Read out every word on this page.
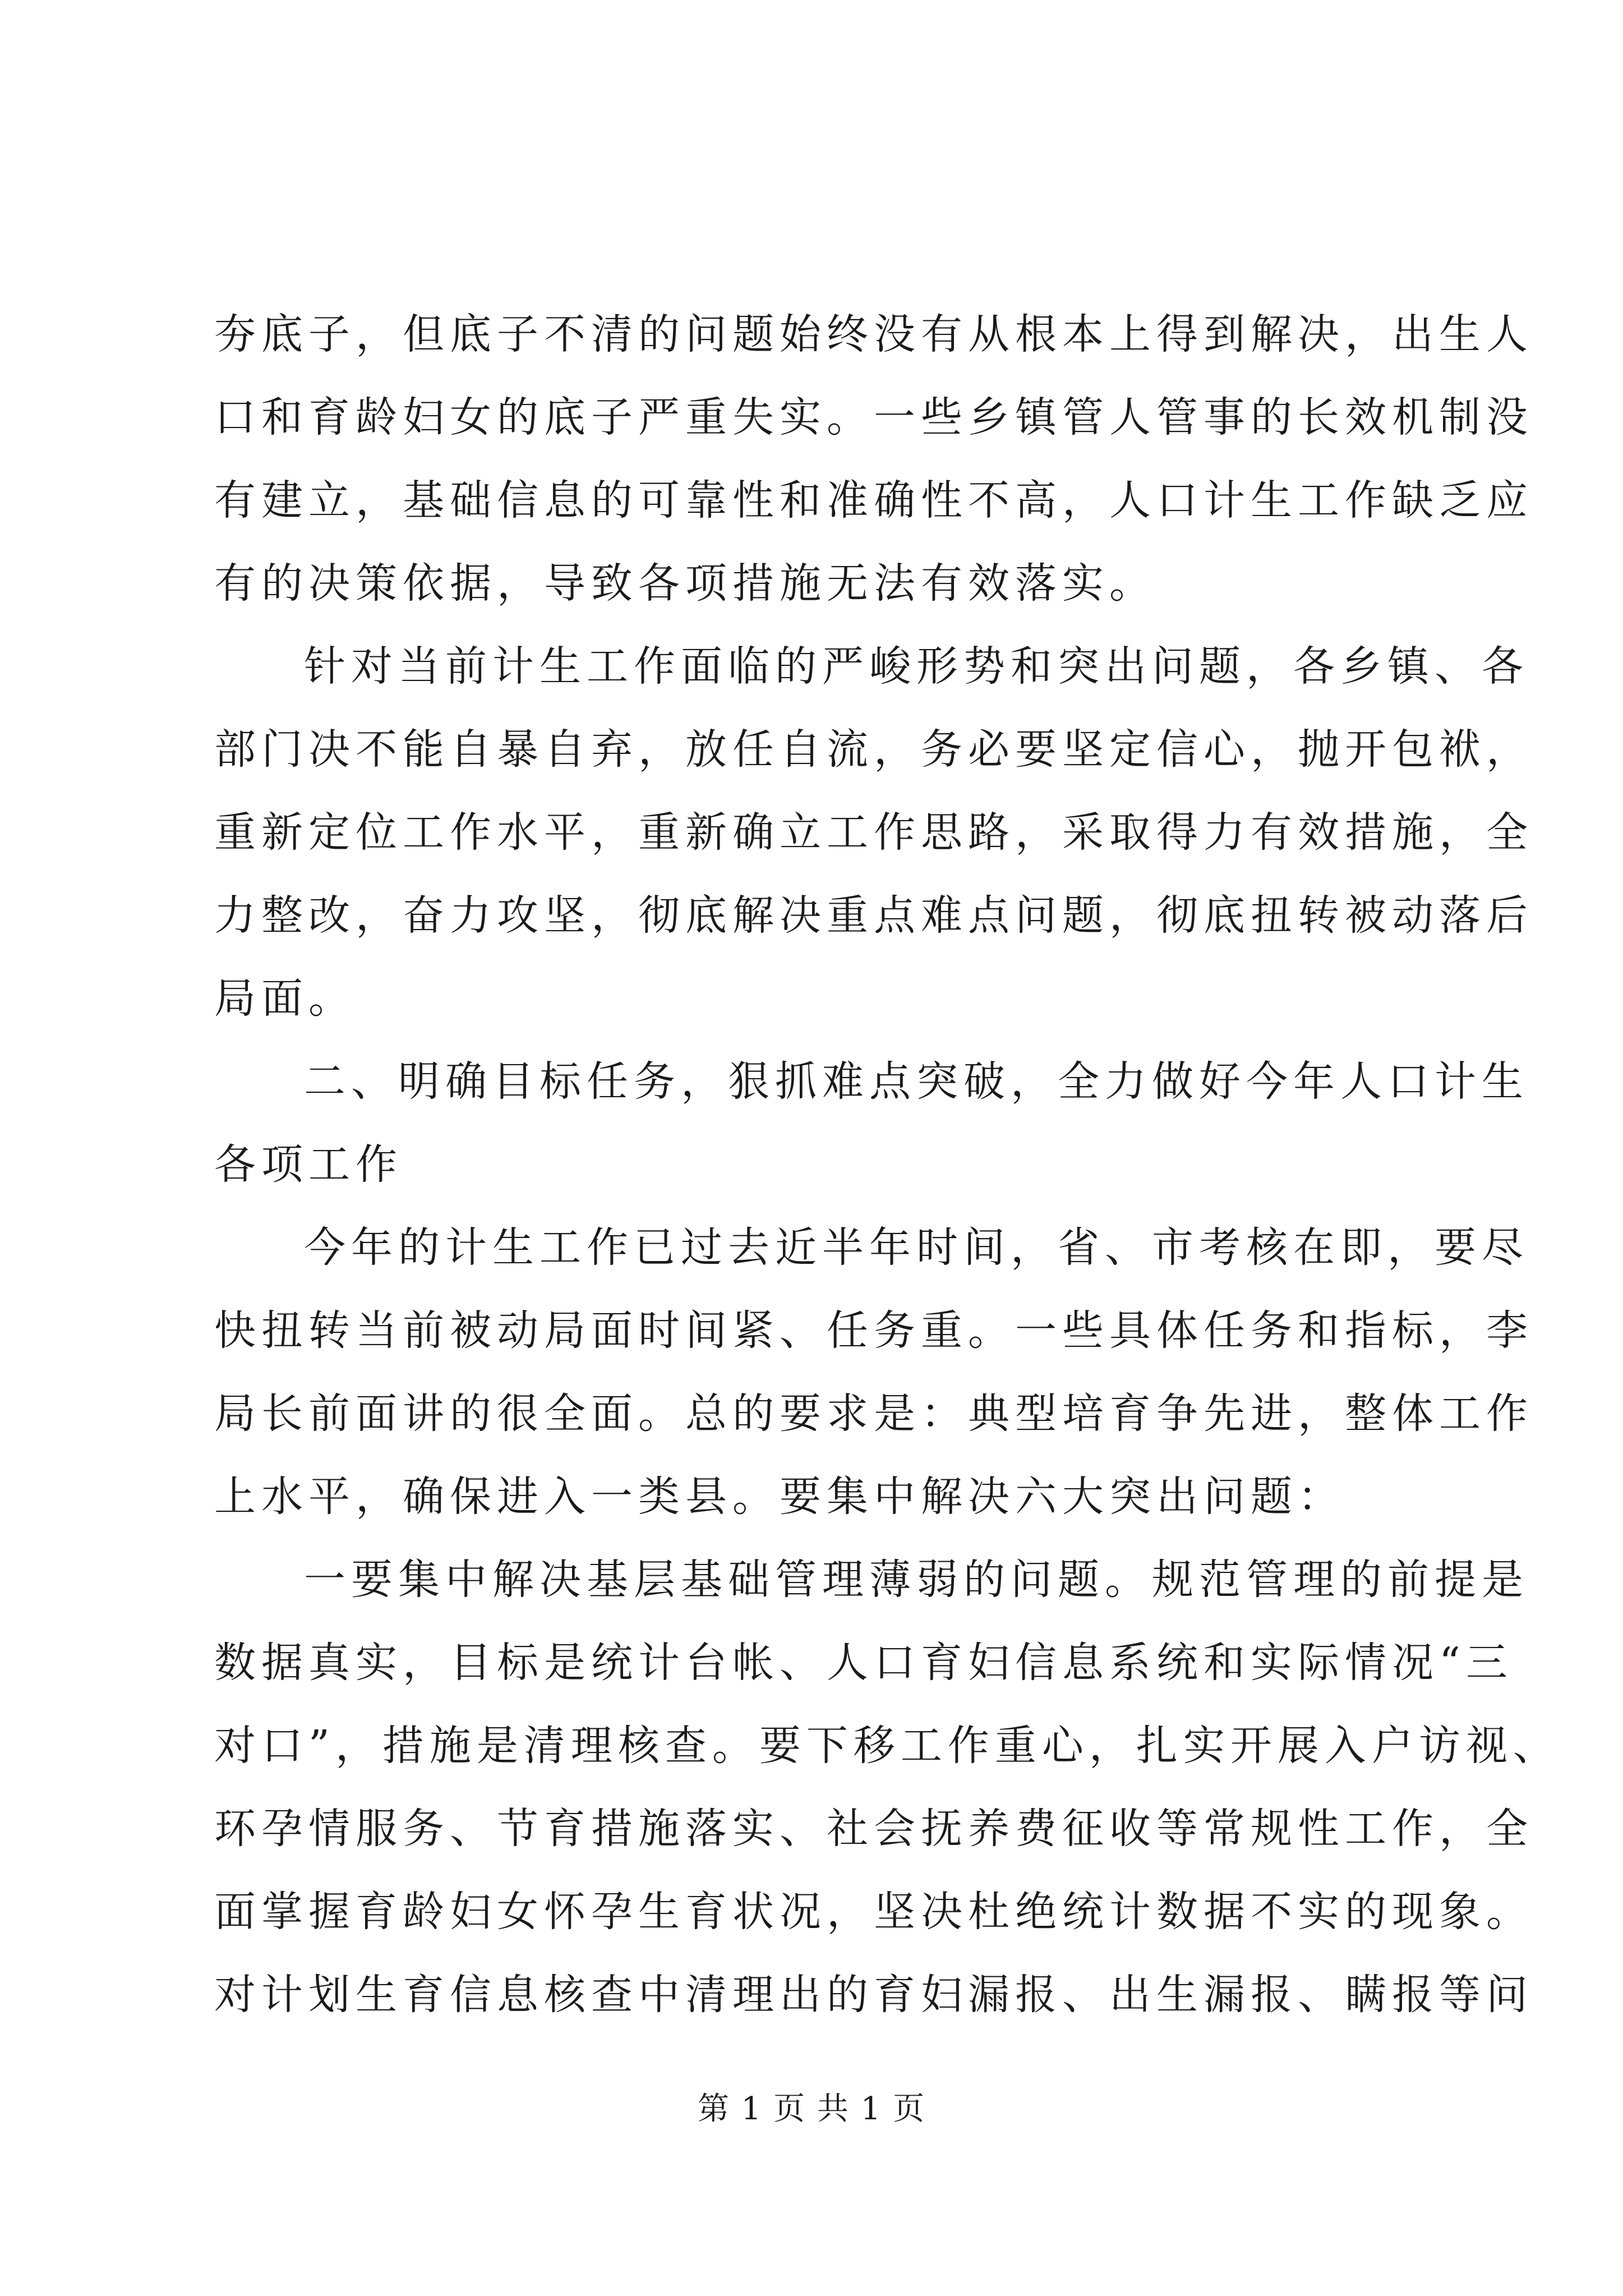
夯底子，但底子不清的问题始终没有从根本上得到解决，出生人
口和育龄妇女的底子严重失实。一些乡镇管人管事的长效机制没
有建立，基础信息的可靠性和准确性不高，人口计生工作缺乏应
有的决策依据，导致各项措施无法有效落实。
针对当前计生工作面临的严峻形势和突出问题，各乡镇、各
部门决不能自暴自弃，放任自流，务必要坚定信心，抛开包袱，
重新定位工作水平，重新确立工作思路，采取得力有效措施，全
力整改，奋力攻坚，彻底解决重点难点问题，彻底扭转被动落后
局面。
二、明确目标任务，狠抓难点突破，全力做好今年人口计生
各项工作
今年的计生工作已过去近半年时间，省、市考核在即，要尽
快扭转当前被动局面时间紧、任务重。一些具体任务和指标，李
局长前面讲的很全面。总的要求是：典型培育争先进，整体工作
上水平，确保进入一类县。要集中解决六大突出问题：
一要集中解决基层基础管理薄弱的问题。规范管理的前提是
数据真实，目标是统计台帐、人口育妇信息系统和实际情况“三
对口”，措施是清理核查。要下移工作重心，扎实开展入户访视、
环孕情服务、节育措施落实、社会抚养费征收等常规性工作，全
面掌握育龄妇女怀孕生育状况，坚决杜绝统计数据不实的现象。
对计划生育信息核查中清理出的育妇漏报、出生漏报、瞒报等问
第 1 页 共 1 页
